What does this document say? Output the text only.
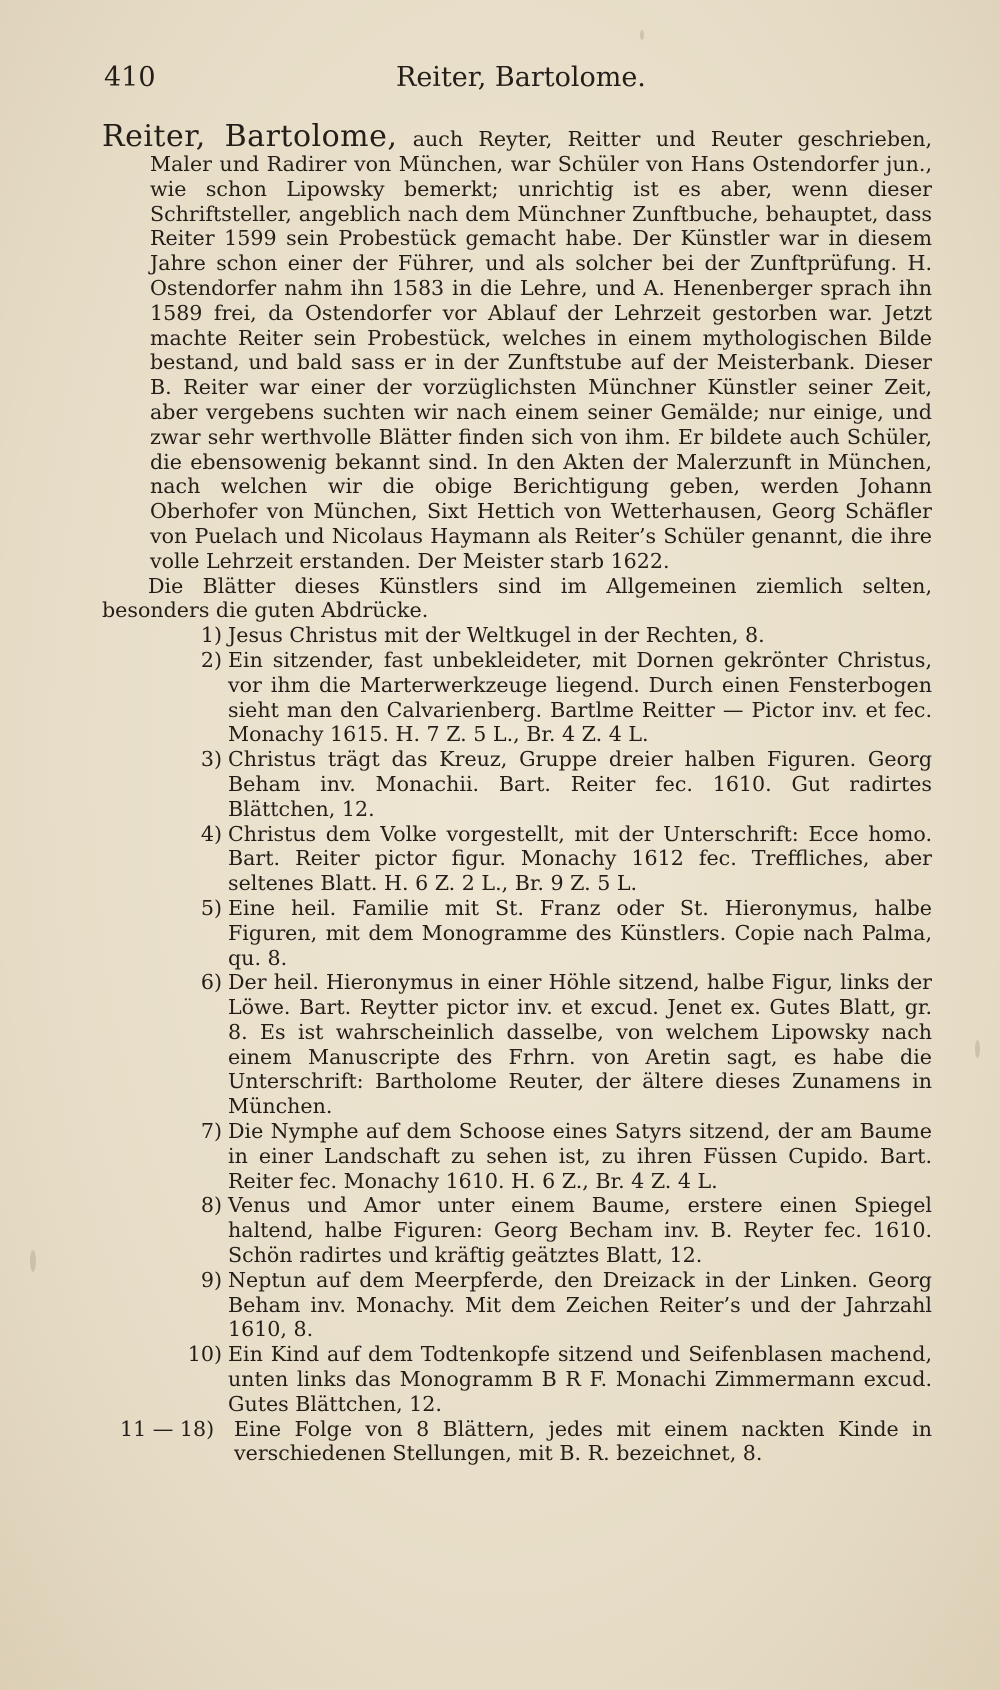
410	Reiter, Bartolome.

Reiter, Bartolome, auch Reyter, Reitter und Reuter geschrieben, Maler und Radirer von München, war Schüler von Hans Ostendorfer jun., wie schon Lipowsky bemerkt; unrichtig ist es aber, wenn dieser Schriftsteller, angeblich nach dem Münchner Zunftbuche, behauptet, dass Reiter 1599 sein Probestück gemacht habe. Der Künstler war in diesem Jahre schon einer der Führer, und als solcher bei der Zunftprüfung. H. Ostendorfer nahm ihn 1583 in die Lehre, und A. Henenberger sprach ihn 1589 frei, da Ostendorfer vor Ablauf der Lehrzeit gestorben war. Jetzt machte Reiter sein Probestück, welches in einem mythologischen Bilde bestand, und bald sass er in der Zunftstube auf der Meisterbank. Dieser B. Reiter war einer der vorzüglichsten Münchner Künstler seiner Zeit, aber vergebens suchten wir nach einem seiner Gemälde; nur einige, und zwar sehr werthvolle Blätter finden sich von ihm. Er bildete auch Schüler, die ebensowenig bekannt sind. In den Akten der Malerzunft in München, nach welchen wir die obige Berichtigung geben, werden Johann Oberhofer von München, Sixt Hettich von Wetterhausen, Georg Schäfler von Puelach und Nicolaus Haymann als Reiter’s Schüler genannt, die ihre volle Lehrzeit erstanden. Der Meister starb 1622.

Die Blätter dieses Künstlers sind im Allgemeinen ziemlich selten, besonders die guten Abdrücke.

1) Jesus Christus mit der Weltkugel in der Rechten, 8.
2) Ein sitzender, fast unbekleideter, mit Dornen gekrönter Christus, vor ihm die Marterwerkzeuge liegend. Durch einen Fensterbogen sieht man den Calvarienberg. Bartlme Reitter — Pictor inv. et fec. Monachy 1615. H. 7 Z. 5 L., Br. 4 Z. 4 L.
3) Christus trägt das Kreuz, Gruppe dreier halben Figuren. Georg Beham inv. Monachii. Bart. Reiter fec. 1610. Gut radirtes Blättchen, 12.
4) Christus dem Volke vorgestellt, mit der Unterschrift: Ecce homo. Bart. Reiter pictor figur. Monachy 1612 fec. Treffliches, aber seltenes Blatt. H. 6 Z. 2 L., Br. 9 Z. 5 L.
5) Eine heil. Familie mit St. Franz oder St. Hieronymus, halbe Figuren, mit dem Monogramme des Künstlers. Copie nach Palma, qu. 8.
6) Der heil. Hieronymus in einer Höhle sitzend, halbe Figur, links der Löwe. Bart. Reytter pictor inv. et excud. Jenet ex. Gutes Blatt, gr. 8. Es ist wahrscheinlich dasselbe, von welchem Lipowsky nach einem Manuscripte des Frhrn. von Aretin sagt, es habe die Unterschrift: Bartholome Reuter, der ältere dieses Zunamens in München.
7) Die Nymphe auf dem Schoose eines Satyrs sitzend, der am Baume in einer Landschaft zu sehen ist, zu ihren Füssen Cupido. Bart. Reiter fec. Monachy 1610. H. 6 Z., Br. 4 Z. 4 L.
8) Venus und Amor unter einem Baume, erstere einen Spiegel haltend, halbe Figuren: Georg Becham inv. B. Reyter fec. 1610. Schön radirtes und kräftig geätztes Blatt, 12.
9) Neptun auf dem Meerpferde, den Dreizack in der Linken. Georg Beham inv. Monachy. Mit dem Zeichen Reiter’s und der Jahrzahl 1610, 8.
10) Ein Kind auf dem Todtenkopfe sitzend und Seifenblasen machend, unten links das Monogramm B R F. Monachi Zimmermann excud. Gutes Blättchen, 12.
11 — 18) Eine Folge von 8 Blättern, jedes mit einem nackten Kinde in verschiedenen Stellungen, mit B. R. bezeichnet, 8.
